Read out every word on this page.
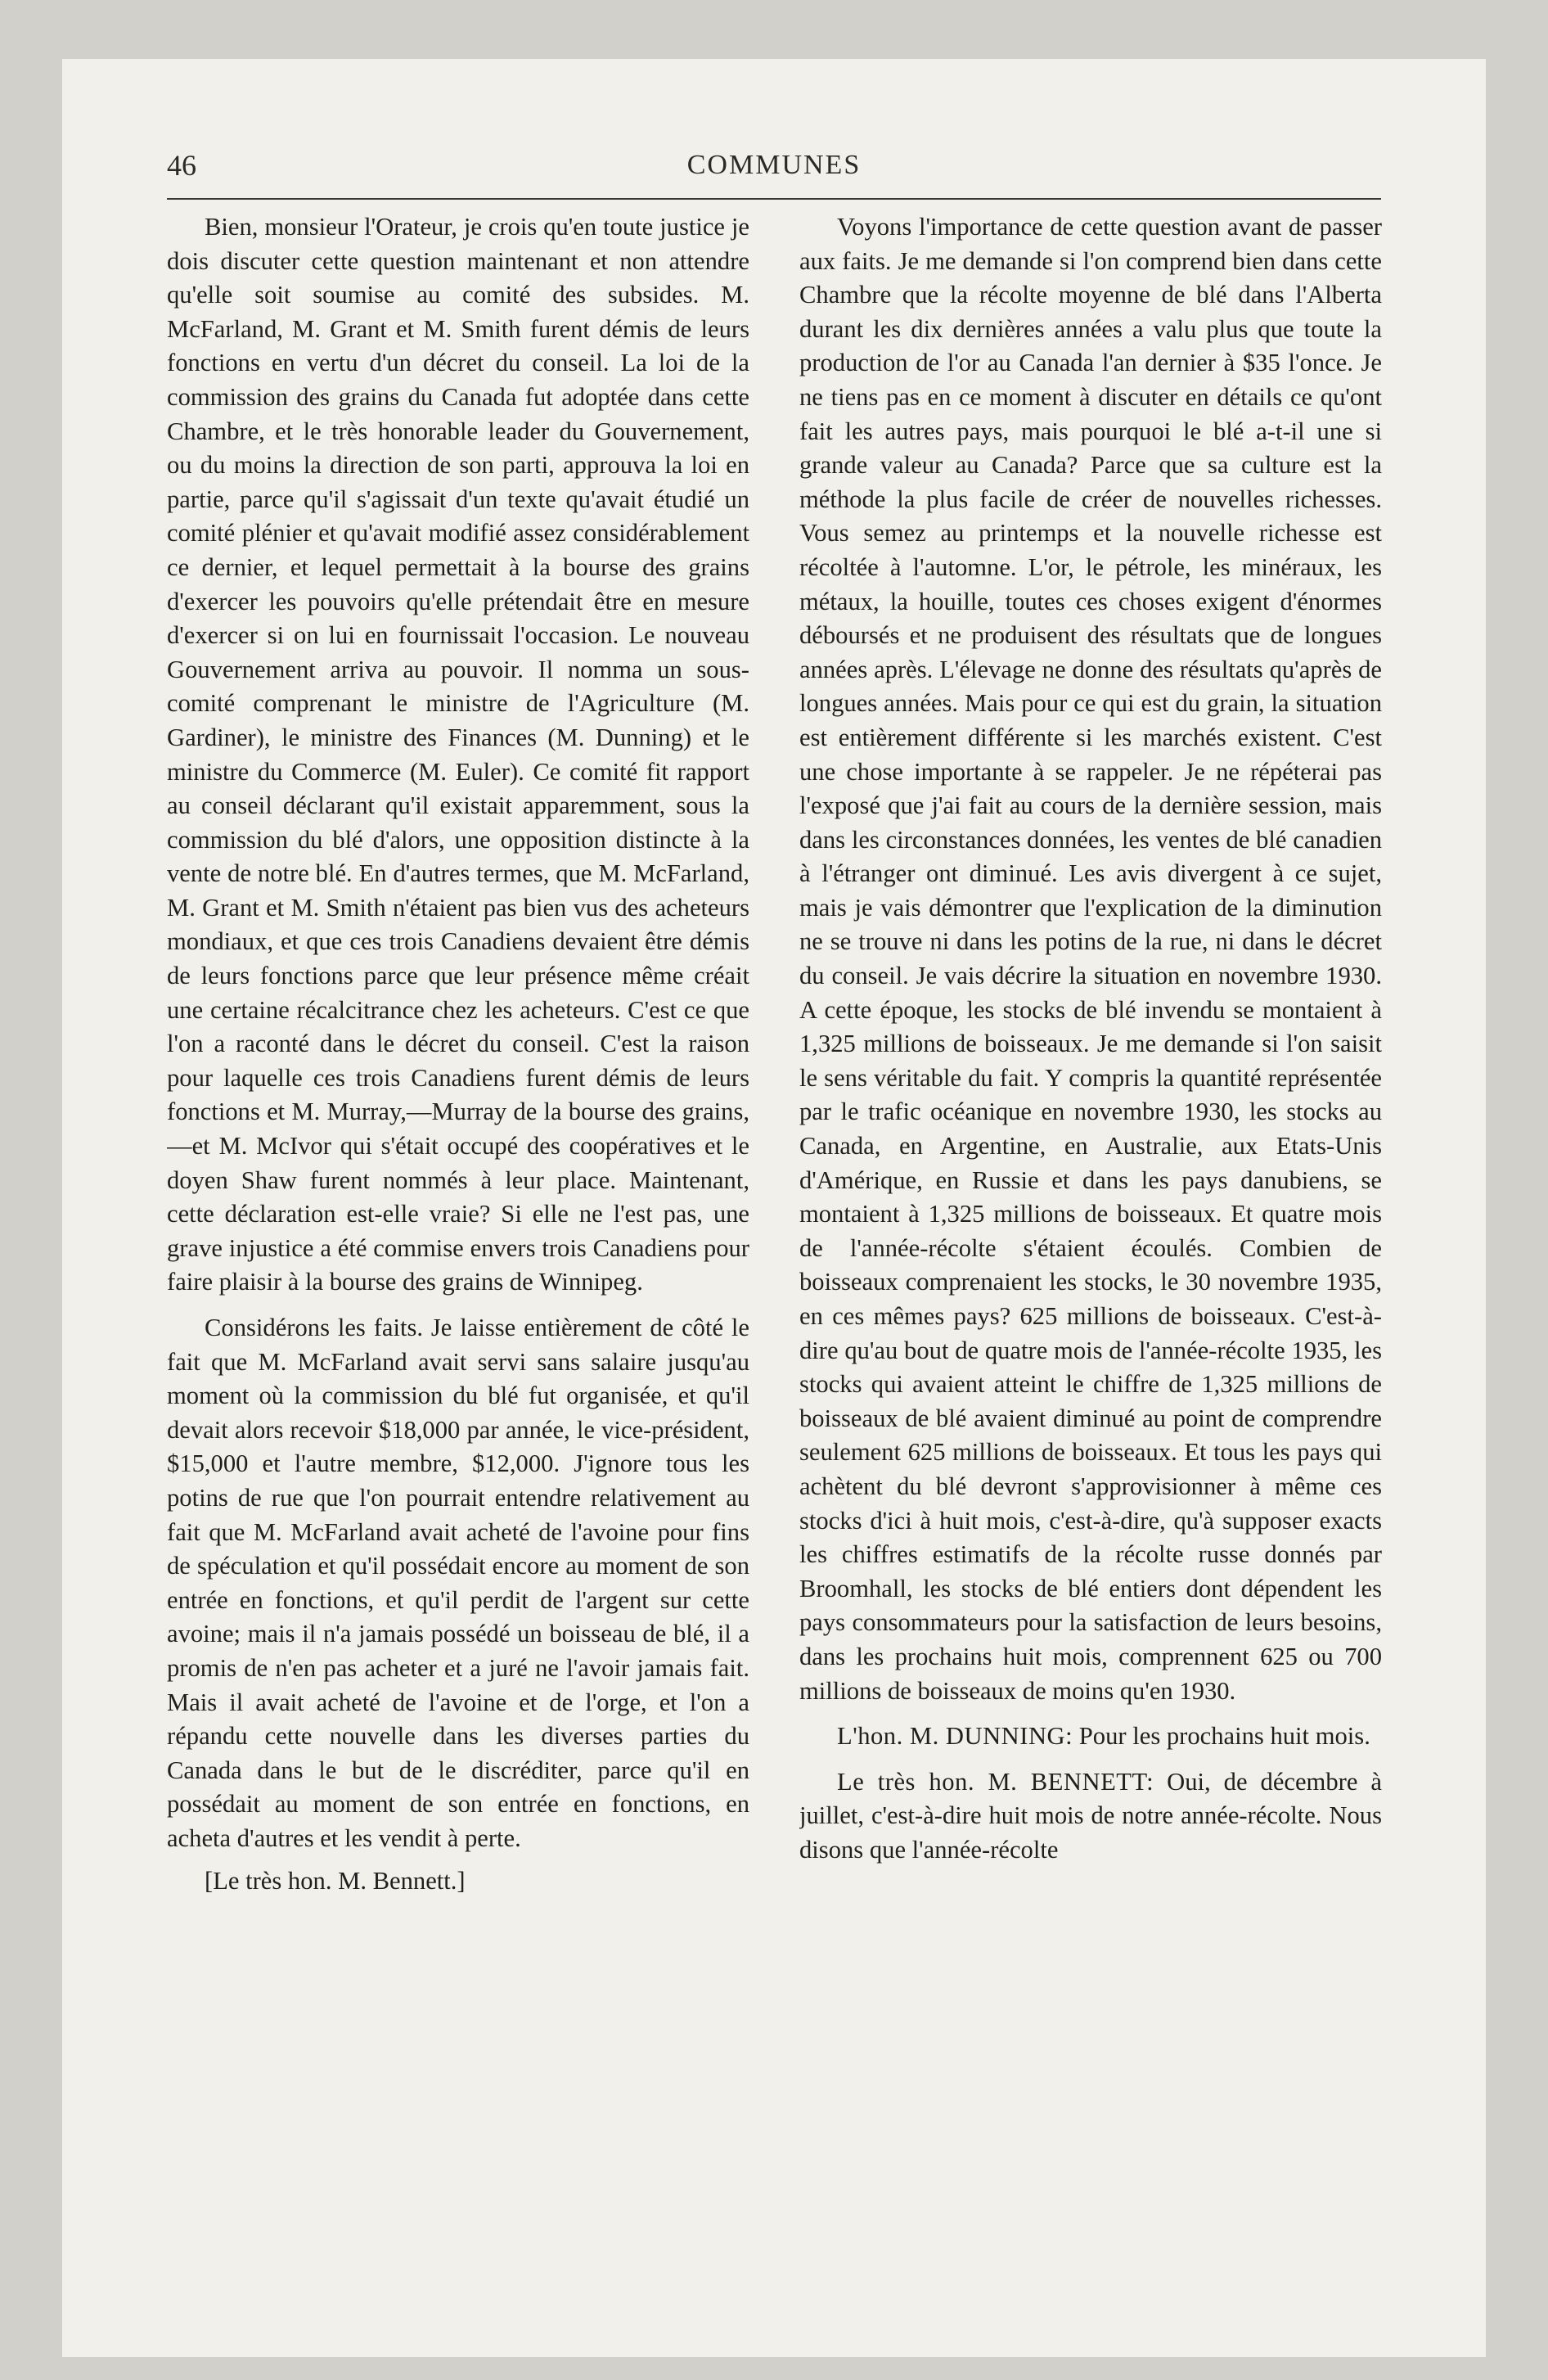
46	COMMUNES

Bien, monsieur l'Orateur, je crois qu'en toute justice je dois discuter cette question maintenant et non attendre qu'elle soit soumise au comité des subsides. M. McFarland, M. Grant et M. Smith furent démis de leurs fonctions en vertu d'un décret du conseil. La loi de la commission des grains du Canada fut adoptée dans cette Chambre, et le très honorable leader du Gouvernement, ou du moins la direction de son parti, approuva la loi en partie, parce qu'il s'agissait d'un texte qu'avait étudié un comité plénier et qu'avait modifié assez considérablement ce dernier, et lequel permettait à la bourse des grains d'exercer les pouvoirs qu'elle prétendait être en mesure d'exercer si on lui en fournissait l'occasion. Le nouveau Gouvernement arriva au pouvoir. Il nomma un sous-comité comprenant le ministre de l'Agriculture (M. Gardiner), le ministre des Finances (M. Dunning) et le ministre du Commerce (M. Euler). Ce comité fit rapport au conseil déclarant qu'il existait apparemment, sous la commission du blé d'alors, une opposition distincte à la vente de notre blé. En d'autres termes, que M. McFarland, M. Grant et M. Smith n'étaient pas bien vus des acheteurs mondiaux, et que ces trois Canadiens devaient être démis de leurs fonctions parce que leur présence même créait une certaine récalcitrance chez les acheteurs. C'est ce que l'on a raconté dans le décret du conseil. C'est la raison pour laquelle ces trois Canadiens furent démis de leurs fonctions et M. Murray,—Murray de la bourse des grains, —et M. McIvor qui s'était occupé des coopératives et le doyen Shaw furent nommés à leur place. Maintenant, cette déclaration est-elle vraie? Si elle ne l'est pas, une grave injustice a été commise envers trois Canadiens pour faire plaisir à la bourse des grains de Winnipeg.

Considérons les faits. Je laisse entièrement de côté le fait que M. McFarland avait servi sans salaire jusqu'au moment où la commission du blé fut organisée, et qu'il devait alors recevoir $18,000 par année, le vice-président, $15,000 et l'autre membre, $12,000. J'ignore tous les potins de rue que l'on pourrait entendre relativement au fait que M. McFarland avait acheté de l'avoine pour fins de spéculation et qu'il possédait encore au moment de son entrée en fonctions, et qu'il perdit de l'argent sur cette avoine; mais il n'a jamais possédé un boisseau de blé, il a promis de n'en pas acheter et a juré ne l'avoir jamais fait. Mais il avait acheté de l'avoine et de l'orge, et l'on a répandu cette nouvelle dans les diverses parties du Canada dans le but de le discréditer, parce qu'il en possédait au moment de son entrée en fonctions, en acheta d'autres et les vendit à perte.

[Le très hon. M. Bennett.]

Voyons l'importance de cette question avant de passer aux faits. Je me demande si l'on comprend bien dans cette Chambre que la récolte moyenne de blé dans l'Alberta durant les dix dernières années a valu plus que toute la production de l'or au Canada l'an dernier à $35 l'once. Je ne tiens pas en ce moment à discuter en détails ce qu'ont fait les autres pays, mais pourquoi le blé a-t-il une si grande valeur au Canada? Parce que sa culture est la méthode la plus facile de créer de nouvelles richesses. Vous semez au printemps et la nouvelle richesse est récoltée à l'automne. L'or, le pétrole, les minéraux, les métaux, la houille, toutes ces choses exigent d'énormes déboursés et ne produisent des résultats que de longues années après. L'élevage ne donne des résultats qu'après de longues années. Mais pour ce qui est du grain, la situation est entièrement différente si les marchés existent. C'est une chose importante à se rappeler. Je ne répéterai pas l'exposé que j'ai fait au cours de la dernière session, mais dans les circonstances données, les ventes de blé canadien à l'étranger ont diminué. Les avis divergent à ce sujet, mais je vais démontrer que l'explication de la diminution ne se trouve ni dans les potins de la rue, ni dans le décret du conseil. Je vais décrire la situation en novembre 1930. A cette époque, les stocks de blé invendu se montaient à 1,325 millions de boisseaux. Je me demande si l'on saisit le sens véritable du fait. Y compris la quantité représentée par le trafic océanique en novembre 1930, les stocks au Canada, en Argentine, en Australie, aux Etats-Unis d'Amérique, en Russie et dans les pays danubiens, se montaient à 1,325 millions de boisseaux. Et quatre mois de l'année-récolte s'étaient écoulés. Combien de boisseaux comprenaient les stocks, le 30 novembre 1935, en ces mêmes pays? 625 millions de boisseaux. C'est-à-dire qu'au bout de quatre mois de l'année-récolte 1935, les stocks qui avaient atteint le chiffre de 1,325 millions de boisseaux de blé avaient diminué au point de comprendre seulement 625 millions de boisseaux. Et tous les pays qui achètent du blé devront s'approvisionner à même ces stocks d'ici à huit mois, c'est-à-dire, qu'à supposer exacts les chiffres estimatifs de la récolte russe donnés par Broomhall, les stocks de blé entiers dont dépendent les pays consommateurs pour la satisfaction de leurs besoins, dans les prochains huit mois, comprennent 625 ou 700 millions de boisseaux de moins qu'en 1930.

L'hon. M. DUNNING: Pour les prochains huit mois.

Le très hon. M. BENNETT: Oui, de décembre à juillet, c'est-à-dire huit mois de notre année-récolte. Nous disons que l'année-récolte
